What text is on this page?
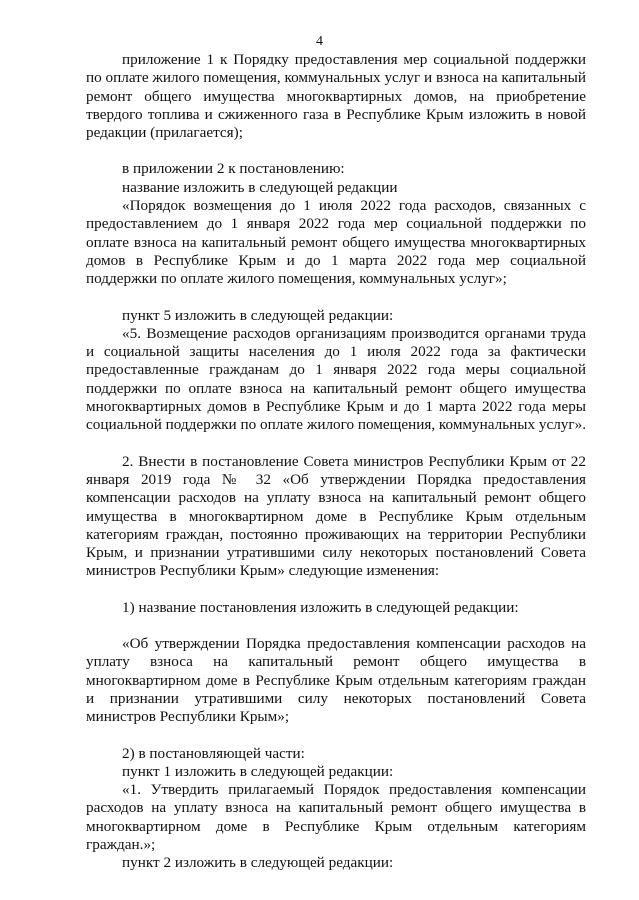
4

приложение 1 к Порядку предоставления мер социальной поддержки по оплате жилого помещения, коммунальных услуг и взноса на капитальный ремонт общего имущества многоквартирных домов, на приобретение твердого топлива и сжиженного газа в Республике Крым изложить в новой редакции (прилагается);

в приложении 2 к постановлению:

название изложить в следующей редакции

«Порядок возмещения до 1 июля 2022 года расходов, связанных с предоставлением до 1 января 2022 года мер социальной поддержки по оплате взноса на капитальный ремонт общего имущества многоквартирных домов в Республике Крым и до 1 марта 2022 года мер социальной поддержки по оплате жилого помещения, коммунальных услуг»;

пункт 5 изложить в следующей редакции:

«5. Возмещение расходов организациям производится органами труда и социальной защиты населения до 1 июля 2022 года за фактически предоставленные гражданам до 1 января 2022 года меры социальной поддержки по оплате взноса на капитальный ремонт общего имущества многоквартирных домов в Республике Крым и до 1 марта 2022 года меры социальной поддержки по оплате жилого помещения, коммунальных услуг».

2. Внести в постановление Совета министров Республики Крым от 22 января 2019 года № 32 «Об утверждении Порядка предоставления компенсации расходов на уплату взноса на капитальный ремонт общего имущества в многоквартирном доме в Республике Крым отдельным категориям граждан, постоянно проживающих на территории Республики Крым, и признании утратившими силу некоторых постановлений Совета министров Республики Крым» следующие изменения:

1) название постановления изложить в следующей редакции:

«Об утверждении Порядка предоставления компенсации расходов на уплату взноса на капитальный ремонт общего имущества в многоквартирном доме в Республике Крым отдельным категориям граждан и признании утратившими силу некоторых постановлений Совета министров Республики Крым»;

2) в постановляющей части:

пункт 1 изложить в следующей редакции:

«1. Утвердить прилагаемый Порядок предоставления компенсации расходов на уплату взноса на капитальный ремонт общего имущества в многоквартирном доме в Республике Крым отдельным категориям граждан.»;

пункт 2 изложить в следующей редакции:
